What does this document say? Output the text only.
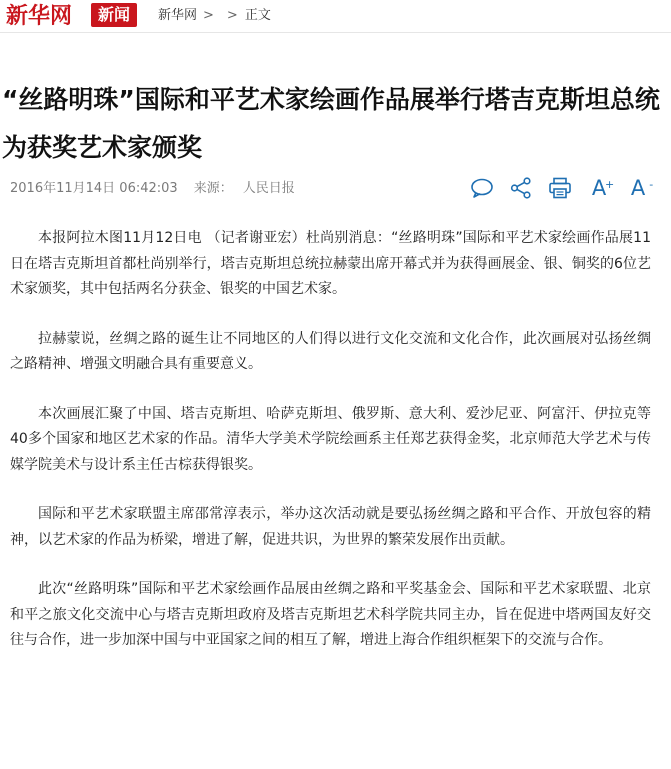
新华网	新闻	新华网 > > 正文
“丝路明珠”国际和平艺术家绘画作品展举行塔吉克斯坦总统为获奖艺术家颁奖
2016年11月14日 06:42:03 来源： 人民日报	A
+ A -

本报阿拉木图11月12日电 （记者谢亚宏）杜尚别消息：“丝路明珠”国际和平艺术家绘画作品展11日在塔吉克斯坦首都杜尚别举行，塔吉克斯坦总统拉赫蒙出席开幕式并为获得画展金、银、铜奖的6位艺术家颁奖，其中包括两名分获金、银奖的中国艺术家。

拉赫蒙说，丝绸之路的诞生让不同地区的人们得以进行文化交流和文化合作，此次画展对弘扬丝绸之路精神、增强文明融合具有重要意义。

本次画展汇聚了中国、塔吉克斯坦、哈萨克斯坦、俄罗斯、意大利、爱沙尼亚、阿富汗、伊拉克等40多个国家和地区艺术家的作品。清华大学美术学院绘画系主任郑艺获得金奖，北京师范大学艺术与传媒学院美术与设计系主任古棕获得银奖。

国际和平艺术家联盟主席邵常淳表示，举办这次活动就是要弘扬丝绸之路和平合作、开放包容的精神，以艺术家的作品为桥梁，增进了解，促进共识，为世界的繁荣发展作出贡献。

此次“丝路明珠”国际和平艺术家绘画作品展由丝绸之路和平奖基金会、国际和平艺术家联盟、北京和平之旅文化交流中心与塔吉克斯坦政府及塔吉克斯坦艺术科学院共同主办，旨在促进中塔两国友好交往与合作，进一步加深中国与中亚国家之间的相互了解，增进上海合作组织框架下的交流与合作。
